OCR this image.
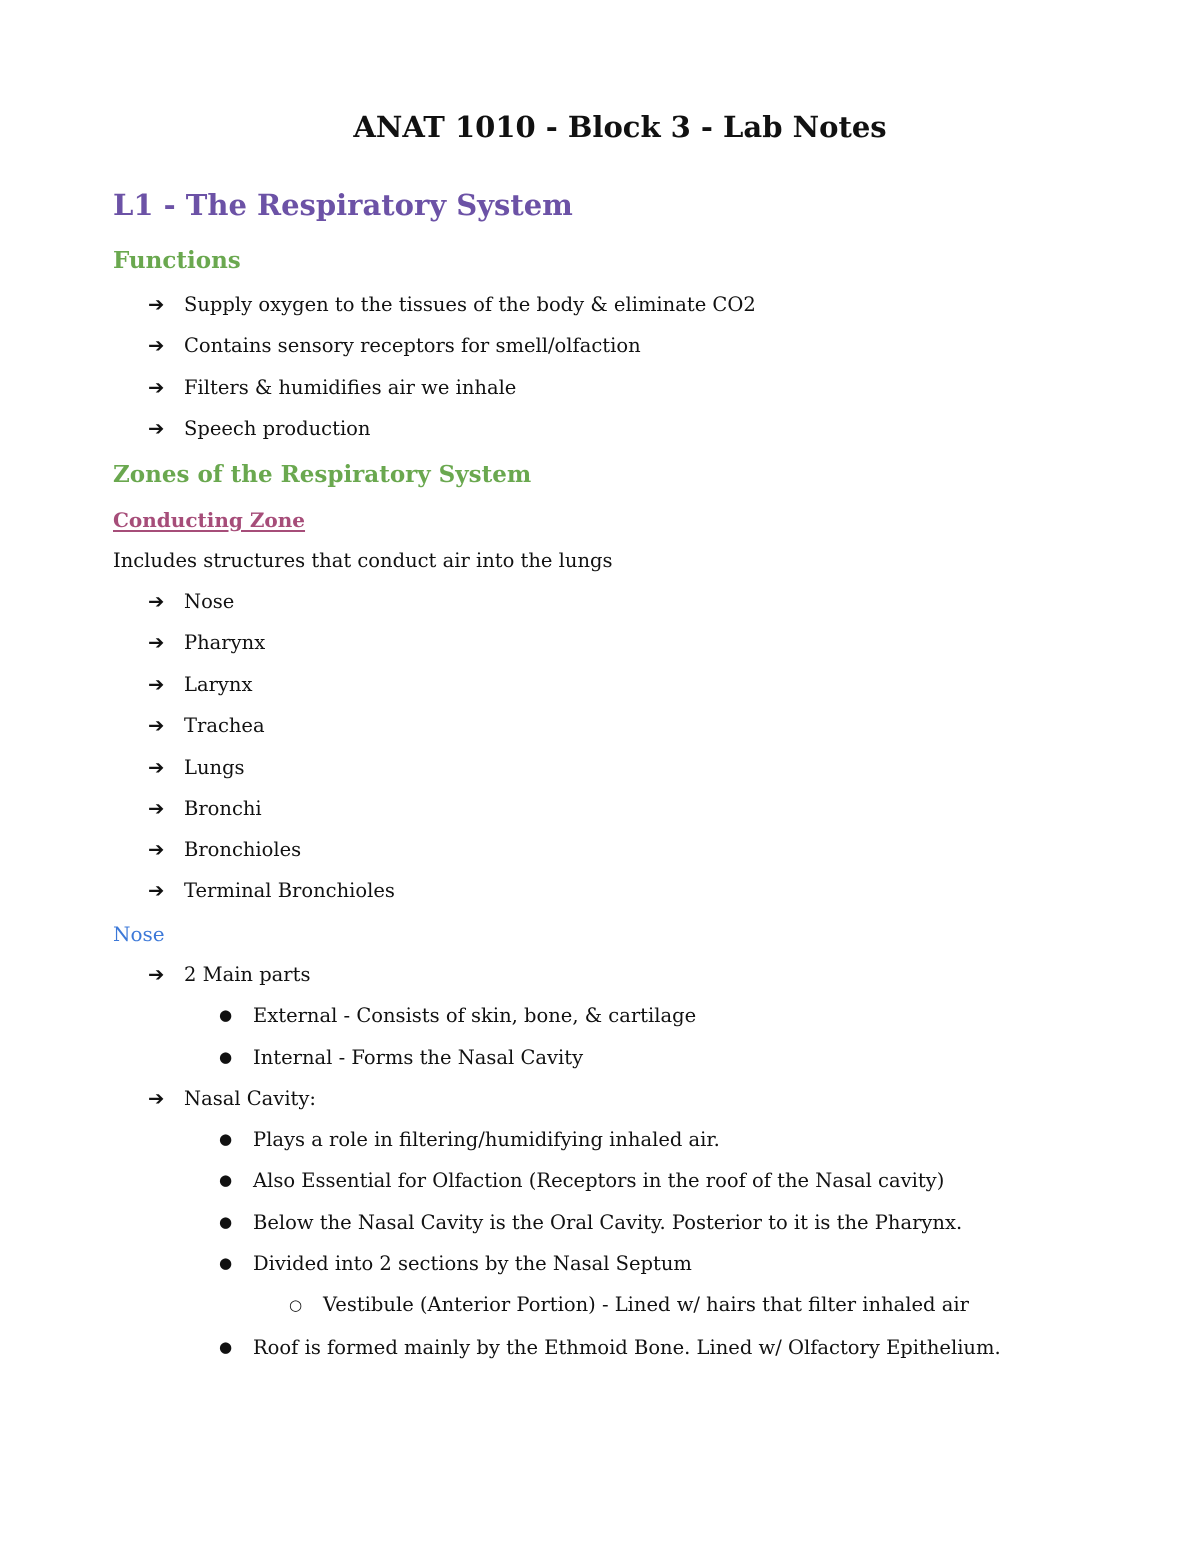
ANAT 1010 - Block 3 - Lab Notes
L1 - The Respiratory System
Functions
➔ Supply oxygen to the tissues of the body & eliminate CO2
➔ Contains sensory receptors for smell/olfaction
➔ Filters & humidifies air we inhale
➔ Speech production
Zones of the Respiratory System
Conducting Zone
Includes structures that conduct air into the lungs
➔ Nose
➔ Pharynx
➔ Larynx
➔ Trachea
➔ Lungs
➔ Bronchi
➔ Bronchioles
➔ Terminal Bronchioles
Nose
➔ 2 Main parts
● External - Consists of skin, bone, & cartilage
● Internal - Forms the Nasal Cavity
➔ Nasal Cavity:
● Plays a role in filtering/humidifying inhaled air.
● Also Essential for Olfaction (Receptors in the roof of the Nasal cavity)
● Below the Nasal Cavity is the Oral Cavity. Posterior to it is the Pharynx.
● Divided into 2 sections by the Nasal Septum
○ Vestibule (Anterior Portion) - Lined w/ hairs that filter inhaled air
● Roof is formed mainly by the Ethmoid Bone. Lined w/ Olfactory Epithelium.
